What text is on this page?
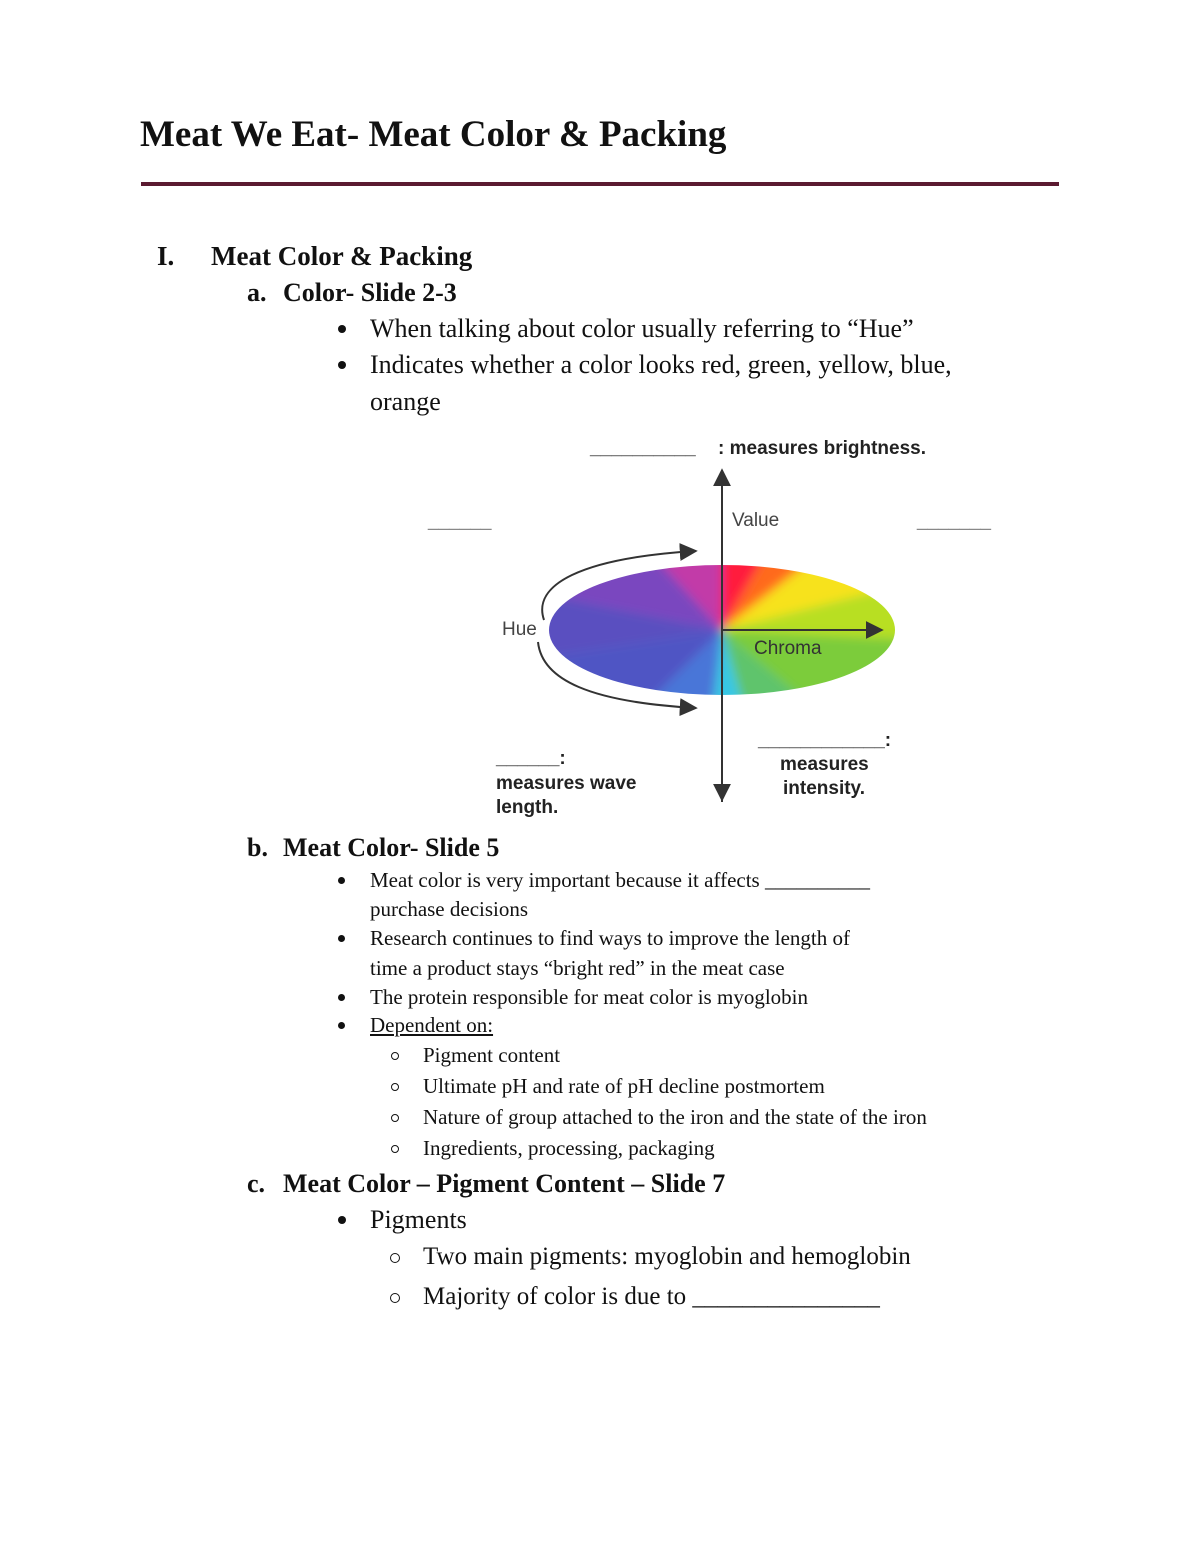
Meat We Eat- Meat Color & Packing
I. Meat Color & Packing
a. Color- Slide 2-3
When talking about color usually referring to “Hue”
Indicates whether a color looks red, green, yellow, blue,
orange
__________ : measures brightness.
Value
Hue
Chroma
______	_______
______:
measures wave
length.
____________:
measures
intensity.
b. Meat Color- Slide 5
Meat color is very important because it affects __________
purchase decisions
Research continues to find ways to improve the length of
time a product stays “bright red” in the meat case
The protein responsible for meat color is myoglobin
Dependent on:
Pigment content
Ultimate pH and rate of pH decline postmortem
Nature of group attached to the iron and the state of the iron
Ingredients, processing, packaging
c. Meat Color – Pigment Content – Slide 7
Pigments
Two main pigments: myoglobin and hemoglobin
Majority of color is due to _______________
